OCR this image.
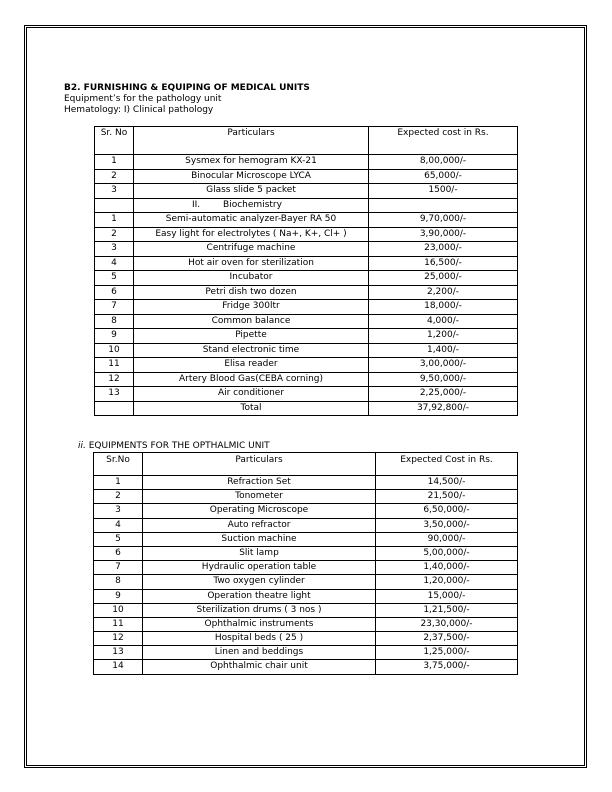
B2. FURNISHING & EQUIPING OF MEDICAL UNITS
Equipment’s for the pathology unit
Hematology: I) Clinical pathology
Sr. No	Particulars	Expected cost in Rs.
1	Sysmex for hemogram KX-21	8,00,000/-
2	Binocular Microscope LYCA	65,000/-
3	Glass slide 5 packet	1500/-
	II.        Biochemistry	
1	Semi-automatic analyzer-Bayer RA 50	9,70,000/-
2	Easy light for electrolytes ( Na+, K+, Cl+ )	3,90,000/-
3	Centrifuge machine	23,000/-
4	Hot air oven for sterilization	16,500/-
5	Incubator	25,000/-
6	Petri dish two dozen	2,200/-
7	Fridge 300ltr	18,000/-
8	Common balance	4,000/-
9	Pipette	1,200/-
10	Stand electronic time	1,400/-
11	Elisa reader	3,00,000/-
12	Artery Blood Gas(CEBA corning)	9,50,000/-
13	Air conditioner	2,25,000/-
	Total	37,92,800/-
ii. EQUIPMENTS FOR THE OPTHALMIC UNIT
Sr.No	Particulars	Expected Cost in Rs.
1	Refraction Set	14,500/-
2	Tonometer	21,500/-
3	Operating Microscope	6,50,000/-
4	Auto refractor	3,50,000/-
5	Suction machine	90,000/-
6	Slit lamp	5,00,000/-
7	Hydraulic operation table	1,40,000/-
8	Two oxygen cylinder	1,20,000/-
9	Operation theatre light	15,000/-
10	Sterilization drums ( 3 nos )	1,21,500/-
11	Ophthalmic instruments	23,30,000/-
12	Hospital beds ( 25 )	2,37,500/-
13	Linen and beddings	1,25,000/-
14	Ophthalmic chair unit	3,75,000/-
